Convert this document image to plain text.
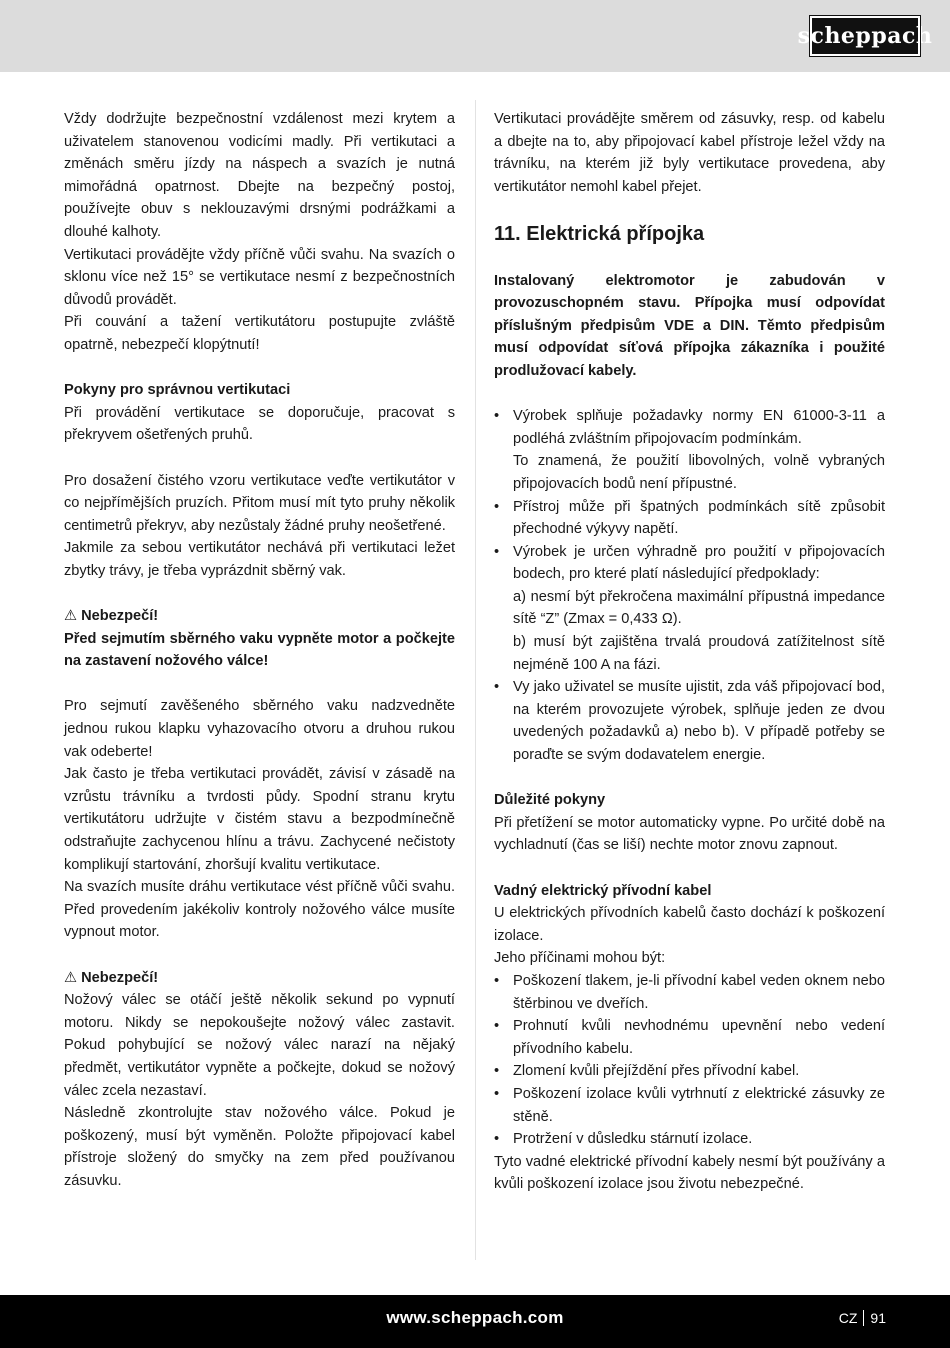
scheppach

Vždy dodržujte bezpečnostní vzdálenost mezi krytem a uživatelem stanovenou vodicími madly. Při vertikutaci a změnách směru jízdy na náspech a svazích je nutná mimořádná opatrnost. Dbejte na bezpečný postoj, používejte obuv s neklouzavými drsnými podrážkami a dlouhé kalhoty.

Vertikutaci provádějte vždy příčně vůči svahu. Na svazích o sklonu více než 15° se vertikutace nesmí z bezpečnostních důvodů provádět.

Při couvání a tažení vertikutátoru postupujte zvláště opatrně, nebezpečí klopýtnutí!

Pokyny pro správnou vertikutaci

Při provádění vertikutace se doporučuje, pracovat s překryvem ošetřených pruhů.

Pro dosažení čistého vzoru vertikutace veďte vertikutátor v co nejpřímějších pruzích. Přitom musí mít tyto pruhy několik centimetrů překryv, aby nezůstaly žádné pruhy neošetřené.

Jakmile za sebou vertikutátor nechává při vertikutaci ležet zbytky trávy, je třeba vyprázdnit sběrný vak.

⚠ Nebezpečí!

Před sejmutím sběrného vaku vypněte motor a počkejte na zastavení nožového válce!

Pro sejmutí zavěšeného sběrného vaku nadzvedněte jednou rukou klapku vyhazovacího otvoru a druhou rukou vak odeberte!

Jak často je třeba vertikutaci provádět, závisí v zásadě na vzrůstu trávníku a tvrdosti půdy. Spodní stranu krytu vertikutátoru udržujte v čistém stavu a bezpodmínečně odstraňujte zachycenou hlínu a trávu. Zachycené nečistoty komplikují startování, zhoršují kvalitu vertikutace.

Na svazích musíte dráhu vertikutace vést příčně vůči svahu. Před provedením jakékoliv kontroly nožového válce musíte vypnout motor.

⚠ Nebezpečí!

Nožový válec se otáčí ještě několik sekund po vypnutí motoru. Nikdy se nepokoušejte nožový válec zastavit. Pokud pohybující se nožový válec narazí na nějaký předmět, vertikutátor vypněte a počkejte, dokud se nožový válec zcela nezastaví.

Následně zkontrolujte stav nožového válce. Pokud je poškozený, musí být vyměněn. Položte připojovací kabel přístroje složený do smyčky na zem před používanou zásuvku.

Vertikutaci provádějte směrem od zásuvky, resp. od kabelu a dbejte na to, aby připojovací kabel přístroje ležel vždy na trávníku, na kterém již byly vertikutace provedena, aby vertikutátor nemohl kabel přejet.

11. Elektrická přípojka

Instalovaný elektromotor je zabudován v provozuschopném stavu. Přípojka musí odpovídat příslušným předpisům VDE a DIN. Těmto předpisům musí odpovídat síťová přípojka zákazníka i použité prodlužovací kabely.

• Výrobek splňuje požadavky normy EN 61000-3-11 a podléhá zvláštním připojovacím podmínkám.
To znamená, že použití libovolných, volně vybraných připojovacích bodů není přípustné.
• Přístroj může při špatných podmínkách sítě způsobit přechodné výkyvy napětí.
• Výrobek je určen výhradně pro použití v připojovacích bodech, pro které platí následující předpoklady:
a) nesmí být překročena maximální přípustná impedance sítě “Z” (Zmax = 0,433 Ω).
b) musí být zajištěna trvalá proudová zatížitelnost sítě nejméně 100 A na fázi.
• Vy jako uživatel se musíte ujistit, zda váš připojovací bod, na kterém provozujete výrobek, splňuje jeden ze dvou uvedených požadavků a) nebo b). V případě potřeby se poraďte se svým dodavatelem energie.

Důležité pokyny

Při přetížení se motor automaticky vypne. Po určité době na vychladnutí (čas se liší) nechte motor znovu zapnout.

Vadný elektrický přívodní kabel

U elektrických přívodních kabelů často dochází k poškození izolace.

Jeho příčinami mohou být:

• Poškození tlakem, je-li přívodní kabel veden oknem nebo štěrbinou ve dveřích.
• Prohnutí kvůli nevhodnému upevnění nebo vedení přívodního kabelu.
• Zlomení kvůli přejíždění přes přívodní kabel.
• Poškození izolace kvůli vytrhnutí z elektrické zásuvky ze stěně.
• Protržení v důsledku stárnutí izolace.

Tyto vadné elektrické přívodní kabely nesmí být používány a kvůli poškození izolace jsou životu nebezpečné.

www.scheppach.com	CZ 91
